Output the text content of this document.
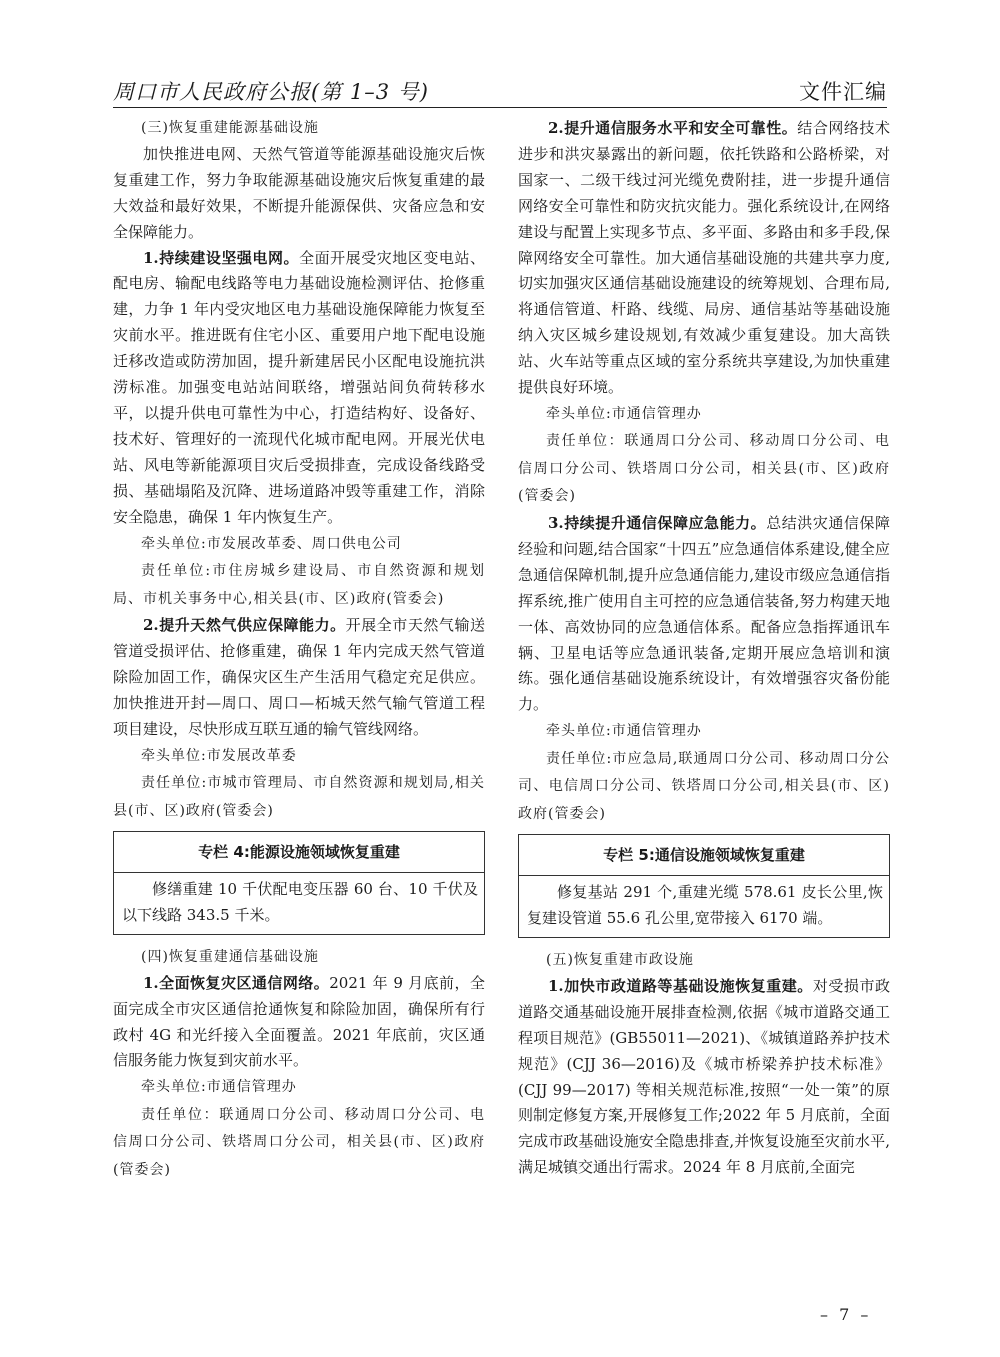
周口市人民政府公报(第 1–3 号)	文件汇编

(三)恢复重建能源基础设施

加快推进电网、天然气管道等能源基础设施灾后恢复重建工作，努力争取能源基础设施灾后恢复重建的最大效益和最好效果，不断提升能源保供、灾备应急和安全保障能力。

1.持续建设坚强电网。全面开展受灾地区变电站、配电房、输配电线路等电力基础设施检测评估、抢修重建，力争 1 年内受灾地区电力基础设施保障能力恢复至灾前水平。推进既有住宅小区、重要用户地下配电设施迁移改造或防涝加固，提升新建居民小区配电设施抗洪涝标准。加强变电站站间联络，增强站间负荷转移水平，以提升供电可靠性为中心，打造结构好、设备好、技术好、管理好的一流现代化城市配电网。开展光伏电站、风电等新能源项目灾后受损排查，完成设备线路受损、基础塌陷及沉降、进场道路冲毁等重建工作，消除安全隐患，确保 1 年内恢复生产。

牵头单位:市发展改革委、周口供电公司

责任单位:市住房城乡建设局、市自然资源和规划局、市机关事务中心,相关县(市、区)政府(管委会)

2.提升天然气供应保障能力。开展全市天然气输送管道受损评估、抢修重建，确保 1 年内完成天然气管道除险加固工作，确保灾区生产生活用气稳定充足供应。加快推进开封—周口、周口—柘城天然气输气管道工程项目建设，尽快形成互联互通的输气管线网络。

牵头单位:市发展改革委

责任单位:市城市管理局、市自然资源和规划局,相关县(市、区)政府(管委会)

专栏 4:能源设施领域恢复重建

修缮重建 10 千伏配电变压器 60 台、10 千伏及以下线路 343.5 千米。

(四)恢复重建通信基础设施

1.全面恢复灾区通信网络。2021 年 9 月底前，全面完成全市灾区通信抢通恢复和除险加固，确保所有行政村 4G 和光纤接入全面覆盖。2021 年底前，灾区通信服务能力恢复到灾前水平。

牵头单位:市通信管理办

责任单位：联通周口分公司、移动周口分公司、电信周口分公司、铁塔周口分公司，相关县(市、区)政府(管委会)

2.提升通信服务水平和安全可靠性。结合网络技术进步和洪灾暴露出的新问题，依托铁路和公路桥梁，对国家一、二级干线过河光缆免费附挂，进一步提升通信网络安全可靠性和防灾抗灾能力。强化系统设计,在网络建设与配置上实现多节点、多平面、多路由和多手段,保障网络安全可靠性。加大通信基础设施的共建共享力度,切实加强灾区通信基础设施建设的统筹规划、合理布局,将通信管道、杆路、线缆、局房、通信基站等基础设施纳入灾区城乡建设规划,有效减少重复建设。加大高铁站、火车站等重点区域的室分系统共享建设,为加快重建提供良好环境。

牵头单位:市通信管理办

责任单位：联通周口分公司、移动周口分公司、电信周口分公司、铁塔周口分公司，相关县(市、区)政府(管委会)

3.持续提升通信保障应急能力。总结洪灾通信保障经验和问题,结合国家“十四五”应急通信体系建设,健全应急通信保障机制,提升应急通信能力,建设市级应急通信指挥系统,推广使用自主可控的应急通信装备,努力构建天地一体、高效协同的应急通信体系。配备应急指挥通讯车辆、卫星电话等应急通讯装备,定期开展应急培训和演练。强化通信基础设施系统设计，有效增强容灾备份能力。

牵头单位:市通信管理办

责任单位:市应急局,联通周口分公司、移动周口分公司、电信周口分公司、铁塔周口分公司,相关县(市、区)政府(管委会)

专栏 5:通信设施领域恢复重建

修复基站 291 个,重建光缆 578.61 皮长公里,恢复建设管道 55.6 孔公里,宽带接入 6170 端。

(五)恢复重建市政设施

1.加快市政道路等基础设施恢复重建。对受损市政道路交通基础设施开展排查检测,依据《城市道路交通工程项目规范》(GB55011—2021)、《城镇道路养护技术规范》(CJJ 36—2016)及《城市桥梁养护技术标准》(CJJ 99—2017) 等相关规范标准,按照“一处一策”的原则制定修复方案,开展修复工作;2022 年 5 月底前，全面完成市政基础设施安全隐患排查,并恢复设施至灾前水平,满足城镇交通出行需求。2024 年 8 月底前,全面完

– 7 –
